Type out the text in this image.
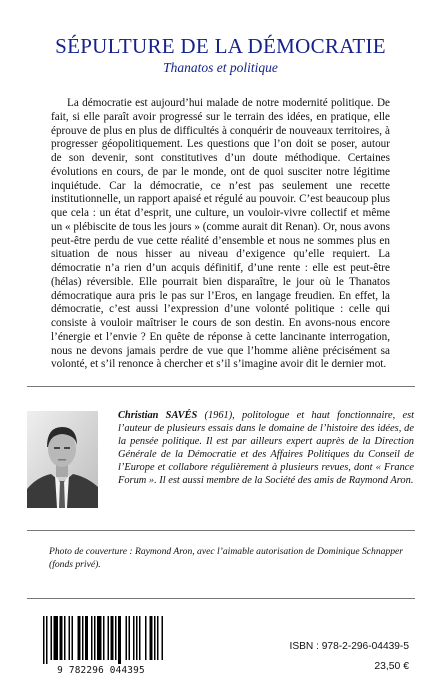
SÉPULTURE DE LA DÉMOCRATIE
Thanatos et politique

La démocratie est aujourd’hui malade de notre modernité politique. De fait, si elle paraît avoir progressé sur le terrain des idées, en pratique, elle éprouve de plus en plus de difficultés à conquérir de nouveaux territoires, à progresser géopolitiquement. Les questions que l’on doit se poser, autour de son devenir, sont constitutives d’un doute méthodique. Certaines évolutions en cours, de par le monde, ont de quoi susciter notre légitime inquiétude. Car la démocratie, ce n’est pas seulement une recette institutionnelle, un rapport apaisé et régulé au pouvoir. C’est beaucoup plus que cela : un état d’esprit, une culture, un vouloir-vivre collectif et même un « plébiscite de tous les jours » (comme aurait dit Renan). Or, nous avons peut-être perdu de vue cette réalité d’ensemble et nous ne sommes plus en situation de nous hisser au niveau d’exigence qu’elle requiert. La démocratie n’a rien d’un acquis définitif, d’une rente : elle est peut-être (hélas) réversible. Elle pourrait bien disparaître, le jour où le Thanatos démocratique aura pris le pas sur l’Eros, en langage freudien. En effet, la démocratie, c’est aussi l’expression d’une volonté politique : celle qui consiste à vouloir maîtriser le cours de son destin. En avons-nous encore l’énergie et l’envie ? En quête de réponse à cette lancinante interrogation, nous ne devons jamais perdre de vue que l’homme aliène précisément sa volonté, et s’il renonce à chercher et s’il s’imagine avoir dit le dernier mot.

Christian SAVÉS (1961), politologue et haut fonctionnaire, est l’auteur de plusieurs essais dans le domaine de l’histoire des idées, de la pensée politique. Il est par ailleurs expert auprès de la Direction Générale de la Démocratie et des Affaires Politiques du Conseil de l’Europe et collabore régulièrement à plusieurs revues, dont « France Forum ». Il est aussi membre de la Société des amis de Raymond Aron.

Photo de couverture : Raymond Aron, avec l’aimable autorisation de Dominique Schnapper (fonds privé).

9 782296 044395
ISBN : 978-2-296-04439-5
23,50 €
